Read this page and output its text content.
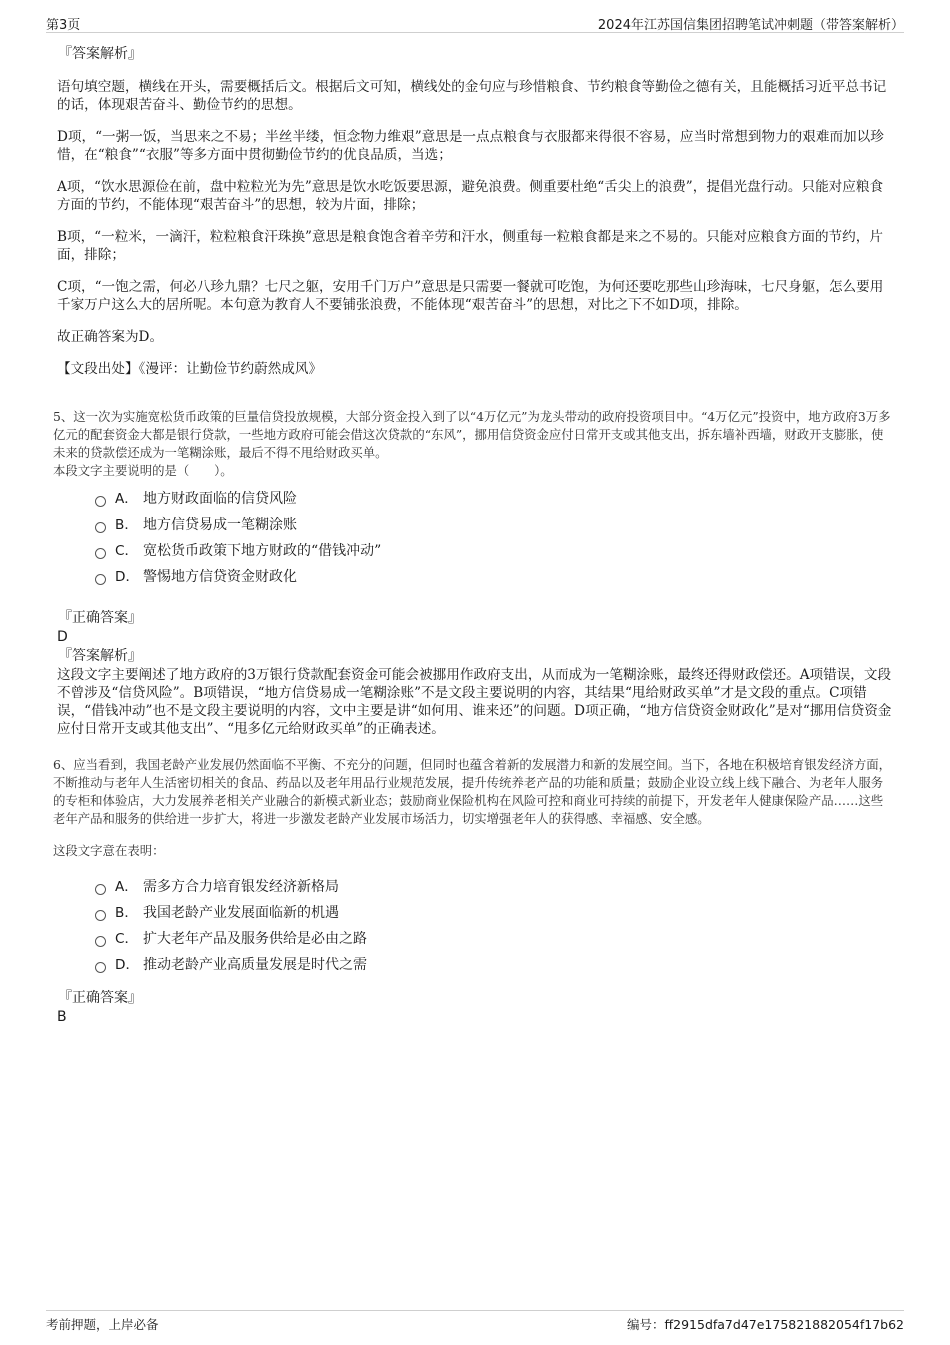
第3页	2024年江苏国信集团招聘笔试冲刺题（带答案解析）
『答案解析』

语句填空题，横线在开头，需要概括后文。根据后文可知，横线处的金句应与珍惜粮食、节约粮食等勤俭之德有关，且能概括习近平总书记的话，体现艰苦奋斗、勤俭节约的思想。

D项，“一粥一饭，当思来之不易；半丝半缕，恒念物力维艰”意思是一点点粮食与衣服都来得很不容易，应当时常想到物力的艰难而加以珍惜，在“粮食”“衣服”等多方面中贯彻勤俭节约的优良品质，当选；

A项，“饮水思源俭在前，盘中粒粒光为先”意思是饮水吃饭要思源，避免浪费。侧重要杜绝“舌尖上的浪费”，提倡光盘行动。只能对应粮食方面的节约，不能体现“艰苦奋斗”的思想，较为片面，排除；

B项，“一粒米，一滴汗，粒粒粮食汗珠换”意思是粮食饱含着辛劳和汗水，侧重每一粒粮食都是来之不易的。只能对应粮食方面的节约，片面，排除；

C项，“一饱之需，何必八珍九鼎？七尺之躯，安用千门万户”意思是只需要一餐就可吃饱，为何还要吃那些山珍海味，七尺身躯，怎么要用千家万户这么大的居所呢。本句意为教育人不要铺张浪费，不能体现“艰苦奋斗”的思想，对比之下不如D项，排除。

故正确答案为D。

【文段出处】《漫评：让勤俭节约蔚然成风》

5、这一次为实施宽松货币政策的巨量信贷投放规模，大部分资金投入到了以“4万亿元”为龙头带动的政府投资项目中。“4万亿元”投资中，地方政府3万多亿元的配套资金大都是银行贷款，一些地方政府可能会借这次贷款的“东风”，挪用信贷资金应付日常开支或其他支出，拆东墙补西墙，财政开支膨胀，使未来的贷款偿还成为一笔糊涂账，最后不得不甩给财政买单。
本段文字主要说明的是（　　）。
A． 地方财政面临的信贷风险
B． 地方信贷易成一笔糊涂账
C． 宽松货币政策下地方财政的“借钱冲动”
D． 警惕地方信贷资金财政化
『正确答案』
D
『答案解析』

这段文字主要阐述了地方政府的3万银行贷款配套资金可能会被挪用作政府支出，从而成为一笔糊涂账，最终还得财政偿还。A项错误，文段不曾涉及“信贷风险”。B项错误，“地方信贷易成一笔糊涂账”不是文段主要说明的内容，其结果“甩给财政买单”才是文段的重点。C项错误，“借钱冲动”也不是文段主要说明的内容，文中主要是讲“如何用、谁来还”的问题。D项正确，“地方信贷资金财政化”是对“挪用信贷资金应付日常开支或其他支出”、“甩多亿元给财政买单”的正确表述。

6、应当看到，我国老龄产业发展仍然面临不平衡、不充分的问题，但同时也蕴含着新的发展潜力和新的发展空间。当下，各地在积极培育银发经济方面，不断推动与老年人生活密切相关的食品、药品以及老年用品行业规范发展，提升传统养老产品的功能和质量；鼓励企业设立线上线下融合、为老年人服务的专柜和体验店，大力发展养老相关产业融合的新模式新业态；鼓励商业保险机构在风险可控和商业可持续的前提下，开发老年人健康保险产品……这些老年产品和服务的供给进一步扩大，将进一步激发老龄产业发展市场活力，切实增强老年人的获得感、幸福感、安全感。
这段文字意在表明：
A． 需多方合力培育银发经济新格局
B． 我国老龄产业发展面临新的机遇
C． 扩大老年产品及服务供给是必由之路
D． 推动老龄产业高质量发展是时代之需
『正确答案』
B
考前押题，上岸必备	编号：ff2915dfa7d47e175821882054f17b62
